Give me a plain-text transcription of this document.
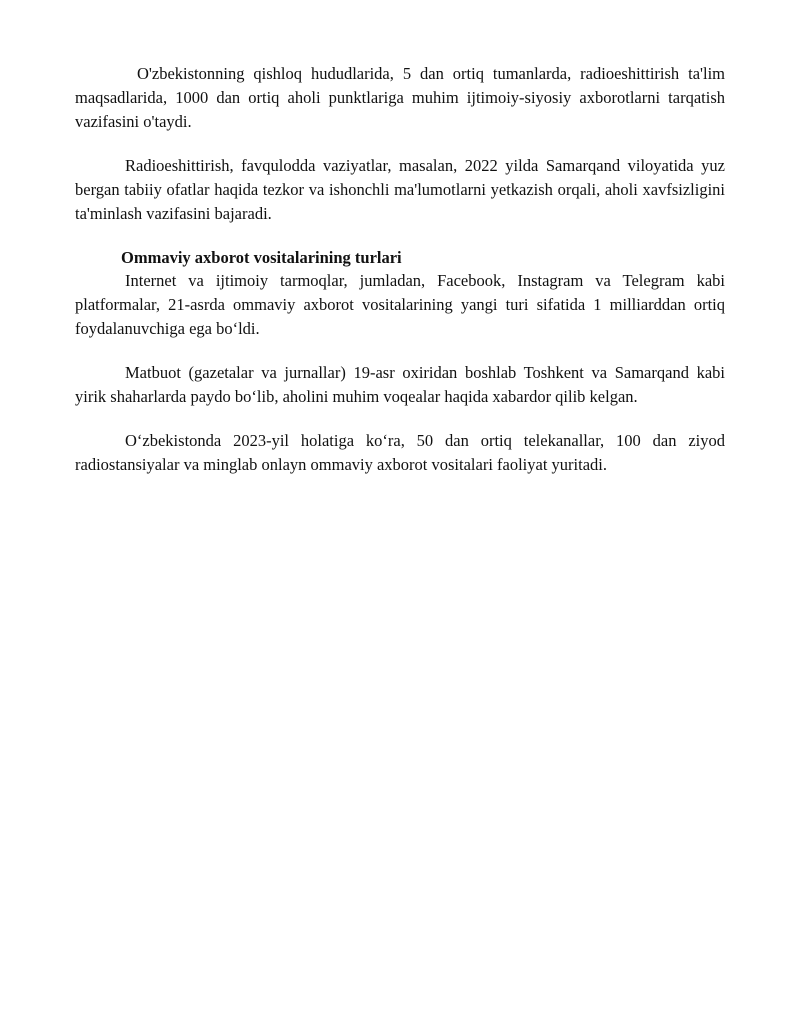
O'zbekistonning qishloq hududlarida, 5 dan ortiq tumanlarda, radioeshittirish ta'lim maqsadlarida, 1000 dan ortiq aholi punktlariga muhim ijtimoiy-siyosiy axborotlarni tarqatish vazifasini o'taydi.

Radioeshittirish, favqulodda vaziyatlar, masalan, 2022 yilda Samarqand viloyatida yuz bergan tabiiy ofatlar haqida tezkor va ishonchli ma'lumotlarni yetkazish orqali, aholi xavfsizligini ta'minlash vazifasini bajaradi.

Ommaviy axborot vositalarining turlari

Internet va ijtimoiy tarmoqlar, jumladan, Facebook, Instagram va Telegram kabi platformalar, 21-asrda ommaviy axborot vositalarining yangi turi sifatida 1 milliarddan ortiq foydalanuvchiga ega bo‘ldi.

Matbuot (gazetalar va jurnallar) 19-asr oxiridan boshlab Toshkent va Samarqand kabi yirik shaharlarda paydo bo‘lib, aholini muhim voqealar haqida xabardor qilib kelgan.

O‘zbekistonda 2023-yil holatiga ko‘ra, 50 dan ortiq telekanallar, 100 dan ziyod radiostansiyalar va minglab onlayn ommaviy axborot vositalari faoliyat yuritadi.
